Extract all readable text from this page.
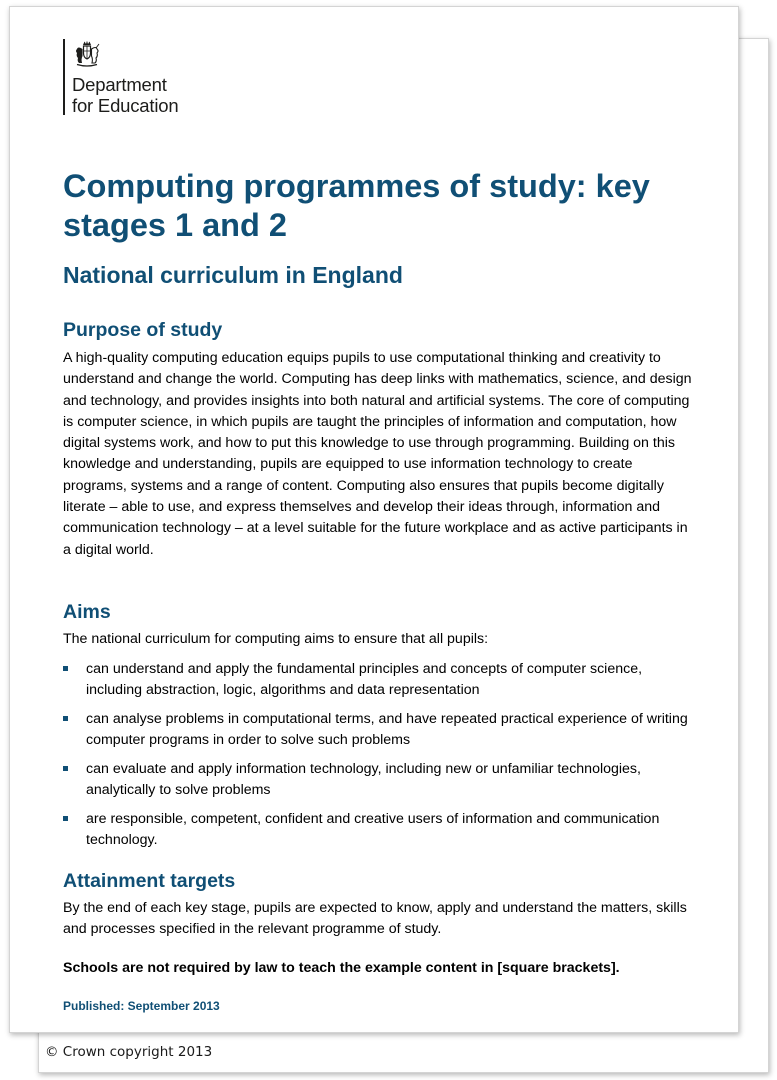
© Crown copyright 2013
Department
for Education
Computing programmes of study: key stages 1 and 2
National curriculum in England
Purpose of study

A high-quality computing education equips pupils to use computational thinking and creativity to understand and change the world. Computing has deep links with mathematics, science, and design and technology, and provides insights into both natural and artificial systems. The core of computing is computer science, in which pupils are taught the principles of information and computation, how digital systems work, and how to put this knowledge to use through programming. Building on this knowledge and understanding, pupils are equipped to use information technology to create programs, systems and a range of content. Computing also ensures that pupils become digitally literate – able to use, and express themselves and develop their ideas through, information and communication technology – at a level suitable for the future workplace and as active participants in a digital world.

Aims

The national curriculum for computing aims to ensure that all pupils:

can understand and apply the fundamental principles and concepts of computer science, including abstraction, logic, algorithms and data representation
can analyse problems in computational terms, and have repeated practical experience of writing computer programs in order to solve such problems
can evaluate and apply information technology, including new or unfamiliar technologies, analytically to solve problems
are responsible, competent, confident and creative users of information and communication technology.
Attainment targets

By the end of each key stage, pupils are expected to know, apply and understand the matters, skills and processes specified in the relevant programme of study.

Schools are not required by law to teach the example content in [square brackets].

Published: September 2013
